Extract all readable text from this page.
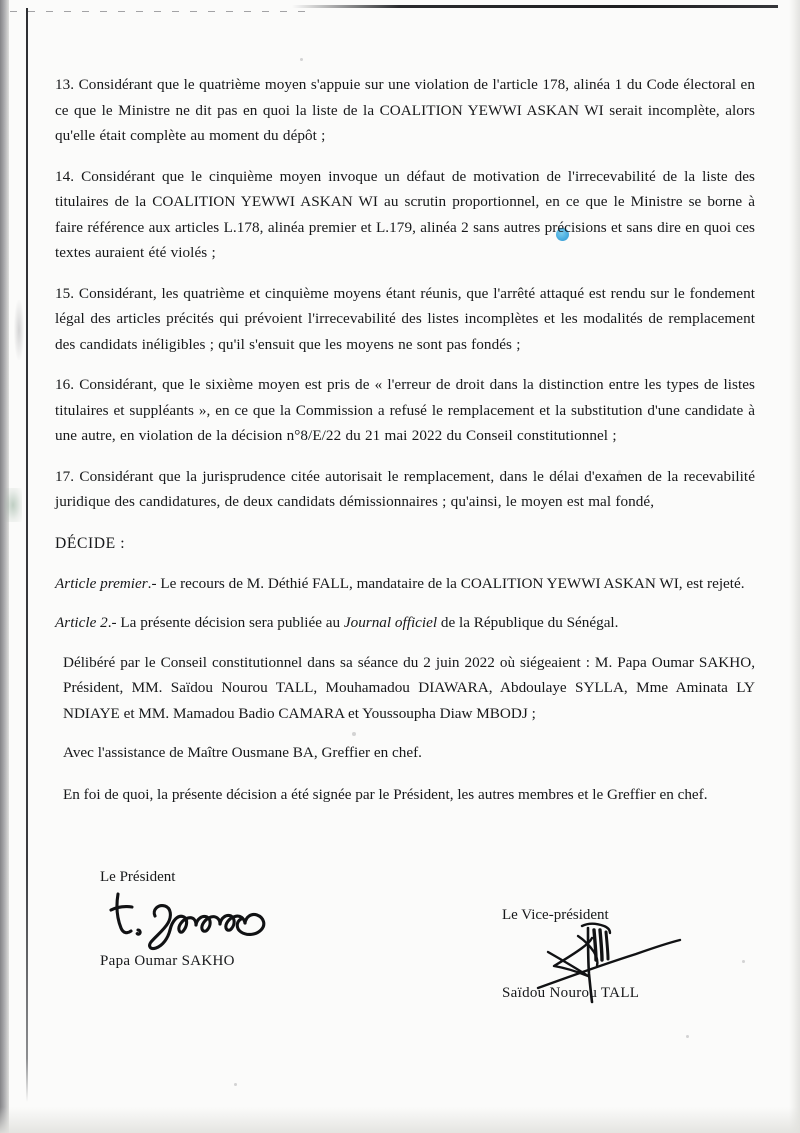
13. Considérant que le quatrième moyen s'appuie sur une violation de l'article 178, alinéa 1 du Code électoral en ce que le Ministre ne dit pas en quoi la liste de la COALITION YEWWI ASKAN WI serait incomplète, alors qu'elle était complète au moment du dépôt ;

14. Considérant que le cinquième moyen invoque un défaut de motivation de l'irrecevabilité de la liste des titulaires de la COALITION YEWWI ASKAN WI au scrutin proportionnel, en ce que le Ministre se borne à faire référence aux articles L.178, alinéa premier et L.179, alinéa 2 sans autres précisions et sans dire en quoi ces textes auraient été violés ;

15. Considérant, les quatrième et cinquième moyens étant réunis, que l'arrêté attaqué est rendu sur le fondement légal des articles précités qui prévoient l'irrecevabilité des listes incomplètes et les modalités de remplacement des candidats inéligibles ; qu'il s'ensuit que les moyens ne sont pas fondés ;

16. Considérant, que le sixième moyen est pris de « l'erreur de droit dans la distinction entre les types de listes titulaires et suppléants », en ce que la Commission a refusé le remplacement et la substitution d'une candidate à une autre, en violation de la décision n°8/E/22 du 21 mai 2022 du Conseil constitutionnel ;

17. Considérant que la jurisprudence citée autorisait le remplacement, dans le délai d'examen de la recevabilité juridique des candidatures, de deux candidats démissionnaires ; qu'ainsi, le moyen est mal fondé,

DÉCIDE :

Article premier.- Le recours de M. Déthié FALL, mandataire de la COALITION YEWWI ASKAN WI, est rejeté.

Article 2.- La présente décision sera publiée au Journal officiel de la République du Sénégal.

Délibéré par le Conseil constitutionnel dans sa séance du 2 juin 2022 où siégeaient : M. Papa Oumar SAKHO, Président, MM. Saïdou Nourou TALL, Mouhamadou DIAWARA, Abdoulaye SYLLA, Mme Aminata LY NDIAYE et MM. Mamadou Badio CAMARA et Youssoupha Diaw MBODJ ;

Avec l'assistance de Maître Ousmane BA, Greffier en chef.

En foi de quoi, la présente décision a été signée par le Président, les autres membres et le Greffier en chef.

Le Président
Papa Oumar SAKHO
Le Vice-président
Saïdou Nourou TALL
